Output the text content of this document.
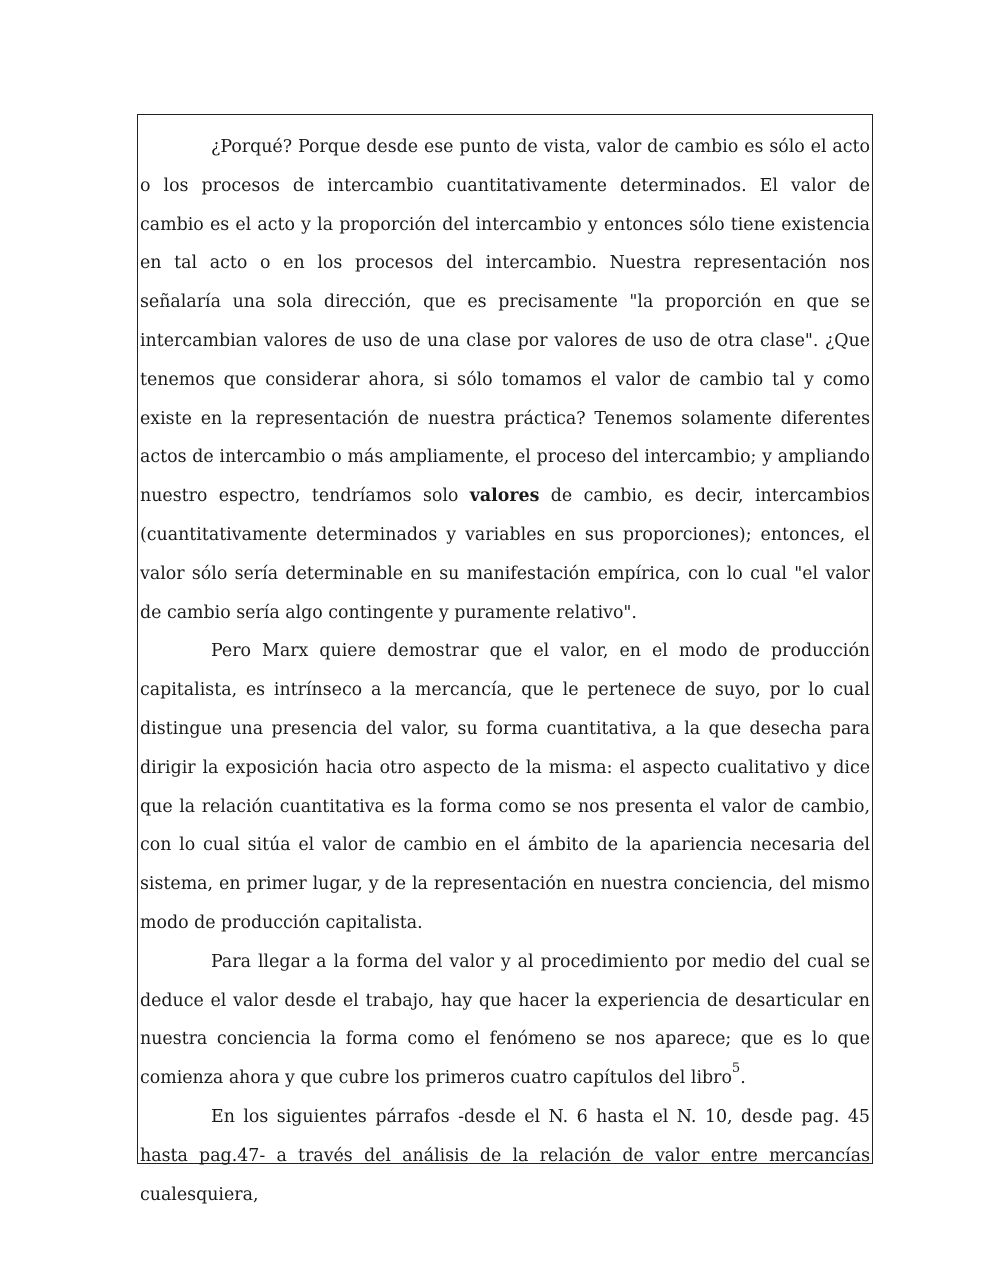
¿Porqué? Porque desde ese punto de vista, valor de cambio es sólo el acto o los procesos de intercambio cuantitativamente determinados. El valor de cambio es el acto y la proporción del intercambio y entonces sólo tiene existencia en tal acto o en los procesos del intercambio. Nuestra representación nos señalaría una sola dirección, que es precisamente "la proporción en que se intercambian valores de uso de una clase por valores de uso de otra clase". ¿Que tenemos que considerar ahora, si sólo tomamos el valor de cambio tal y como existe en la representación de nuestra práctica? Tenemos solamente diferentes actos de intercambio o más ampliamente, el proceso del intercambio; y ampliando nuestro espectro, tendríamos solo valores de cambio, es decir, intercambios (cuantitativamente determinados y variables en sus proporciones); entonces, el valor sólo sería determinable en su manifestación empírica, con lo cual "el valor de cambio sería algo contingente y puramente relativo".

Pero Marx quiere demostrar que el valor, en el modo de producción capitalista, es intrínseco a la mercancía, que le pertenece de suyo, por lo cual distingue una presencia del valor, su forma cuantitativa, a la que desecha para dirigir la exposición hacia otro aspecto de la misma: el aspecto cualitativo y dice que la relación cuantitativa es la forma como se nos presenta el valor de cambio, con lo cual sitúa el valor de cambio en el ámbito de la apariencia necesaria del sistema, en primer lugar, y de la representación en nuestra conciencia, del mismo modo de producción capitalista.

Para llegar a la forma del valor y al procedimiento por medio del cual se deduce el valor desde el trabajo, hay que hacer la experiencia de desarticular en nuestra conciencia la forma como el fenómeno se nos aparece; que es lo que comienza ahora y que cubre los primeros cuatro capítulos del libro$^5$.

En los siguientes párrafos -desde el N. 6 hasta el N. 10, desde pag. 45 hasta pag.47- a través del análisis de la relación de valor entre mercancías cualesquiera,
